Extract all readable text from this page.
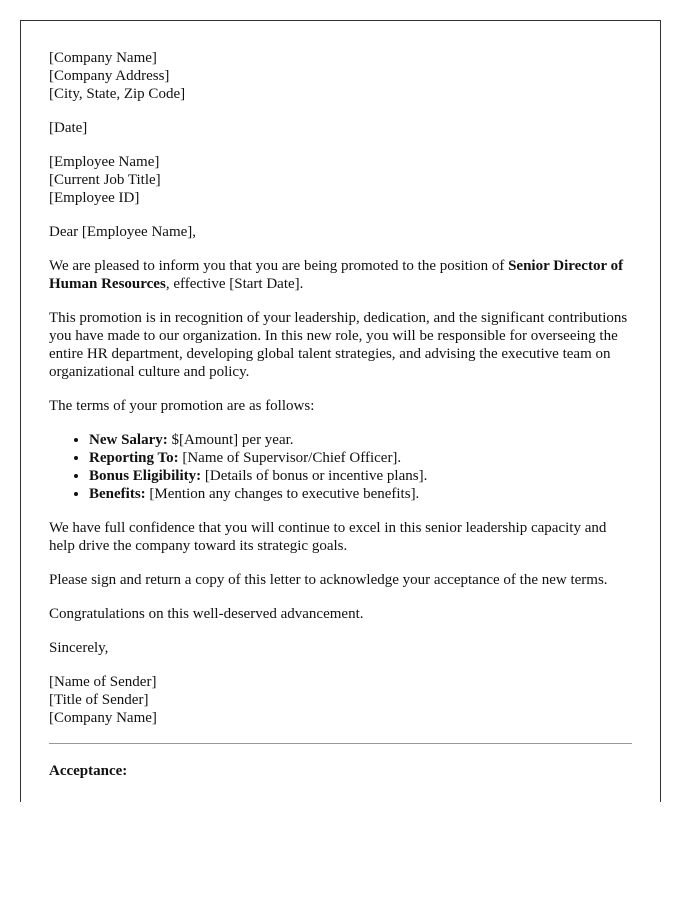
[Company Name]
[Company Address]
[City, State, Zip Code]
[Date]
[Employee Name]
[Current Job Title]
[Employee ID]

Dear [Employee Name],

We are pleased to inform you that you are being promoted to the position of Senior Director of Human Resources, effective [Start Date].

This promotion is in recognition of your leadership, dedication, and the significant contributions you have made to our organization. In this new role, you will be responsible for overseeing the entire HR department, developing global talent strategies, and advising the executive team on organizational culture and policy.

The terms of your promotion are as follows:

• New Salary: $[Amount] per year.
• Reporting To: [Name of Supervisor/Chief Officer].
• Bonus Eligibility: [Details of bonus or incentive plans].
• Benefits: [Mention any changes to executive benefits].

We have full confidence that you will continue to excel in this senior leadership capacity and help drive the company toward its strategic goals.

Please sign and return a copy of this letter to acknowledge your acceptance of the new terms.

Congratulations on this well-deserved advancement.

Sincerely,

[Name of Sender]
[Title of Sender]
[Company Name]

Acceptance:
